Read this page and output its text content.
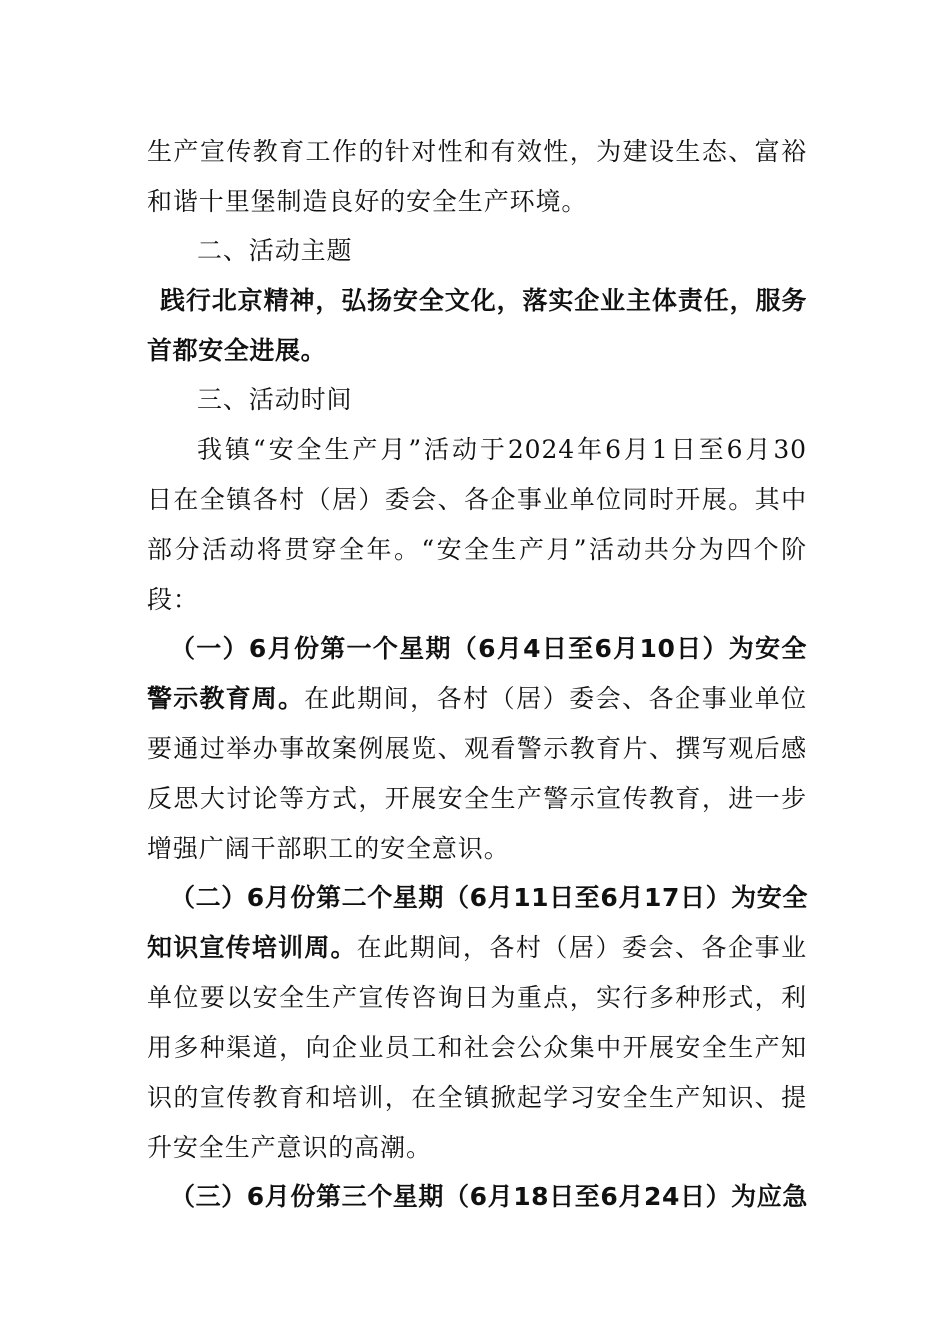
生产宣传教育工作的针对性和有效性，为建设生态、富裕
和谐十里堡制造良好的安全生产环境。
二、活动主题
践行北京精神，弘扬安全文化，落实企业主体责任，服务
首都安全进展。
三、活动时间
我镇“安全生产月”活动于2024年6月1日至6月30
日在全镇各村（居）委会、各企事业单位同时开展。其中
部分活动将贯穿全年。“安全生产月”活动共分为四个阶
段：
（一）6月份第一个星期（6月4日至6月10日）为安全
警示教育周。在此期间，各村（居）委会、各企事业单位
要通过举办事故案例展览、观看警示教育片、撰写观后感
反思大讨论等方式，开展安全生产警示宣传教育，进一步
增强广阔干部职工的安全意识。
（二）6月份第二个星期（6月11日至6月17日）为安全
知识宣传培训周。在此期间，各村（居）委会、各企事业
单位要以安全生产宣传咨询日为重点，实行多种形式，利
用多种渠道，向企业员工和社会公众集中开展安全生产知
识的宣传教育和培训，在全镇掀起学习安全生产知识、提
升安全生产意识的高潮。
（三）6月份第三个星期（6月18日至6月24日）为应急
